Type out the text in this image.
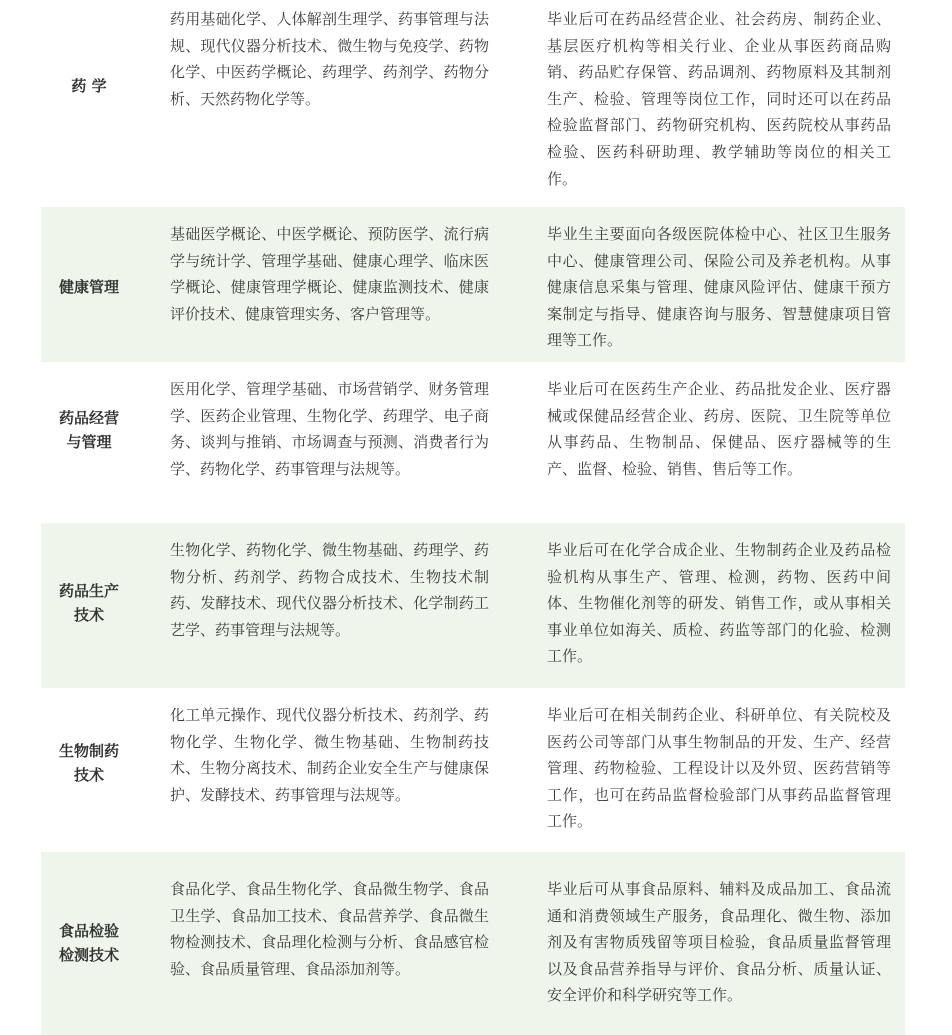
药 学
药用基础化学、人体解剖生理学、药事管理与法规、现代仪器分析技术、微生物与免疫学、药物化学、中医药学概论、药理学、药剂学、药物分析、天然药物化学等。
毕业后可在药品经营企业、社会药房、制药企业、基层医疗机构等相关行业、企业从事医药商品购销、药品贮存保管、药品调剂、药物原料及其制剂生产、检验、管理等岗位工作，同时还可以在药品检验监督部门、药物研究机构、医药院校从事药品检验、医药科研助理、教学辅助等岗位的相关工作。
健康管理
基础医学概论、中医学概论、预防医学、流行病学与统计学、管理学基础、健康心理学、临床医学概论、健康管理学概论、健康监测技术、健康评价技术、健康管理实务、客户管理等。
毕业生主要面向各级医院体检中心、社区卫生服务中心、健康管理公司、保险公司及养老机构。从事健康信息采集与管理、健康风险评估、健康干预方案制定与指导、健康咨询与服务、智慧健康项目管理等工作。
药品经营
与管理
医用化学、管理学基础、市场营销学、财务管理学、医药企业管理、生物化学、药理学、电子商务、谈判与推销、市场调查与预测、消费者行为学、药物化学、药事管理与法规等。
毕业后可在医药生产企业、药品批发企业、医疗器械或保健品经营企业、药房、医院、卫生院等单位从事药品、生物制品、保健品、医疗器械等的生产、监督、检验、销售、售后等工作。
药品生产
技术
生物化学、药物化学、微生物基础、药理学、药物分析、药剂学、药物合成技术、生物技术制药、发酵技术、现代仪器分析技术、化学制药工艺学、药事管理与法规等。
毕业后可在化学合成企业、生物制药企业及药品检验机构从事生产、管理、检测，药物、医药中间体、生物催化剂等的研发、销售工作，或从事相关事业单位如海关、质检、药监等部门的化验、检测工作。
生物制药
技术
化工单元操作、现代仪器分析技术、药剂学、药物化学、生物化学、微生物基础、生物制药技术、生物分离技术、制药企业安全生产与健康保护、发酵技术、药事管理与法规等。
毕业后可在相关制药企业、科研单位、有关院校及医药公司等部门从事生物制品的开发、生产、经营管理、药物检验、工程设计以及外贸、医药营销等工作，也可在药品监督检验部门从事药品监督管理工作。
食品检验
检测技术
食品化学、食品生物化学、食品微生物学、食品卫生学、食品加工技术、食品营养学、食品微生物检测技术、食品理化检测与分析、食品感官检验、食品质量管理、食品添加剂等。
毕业后可从事食品原料、辅料及成品加工、食品流通和消费领域生产服务，食品理化、微生物、添加剂及有害物质残留等项目检验，食品质量监督管理以及食品营养指导与评价、食品分析、质量认证、安全评价和科学研究等工作。
